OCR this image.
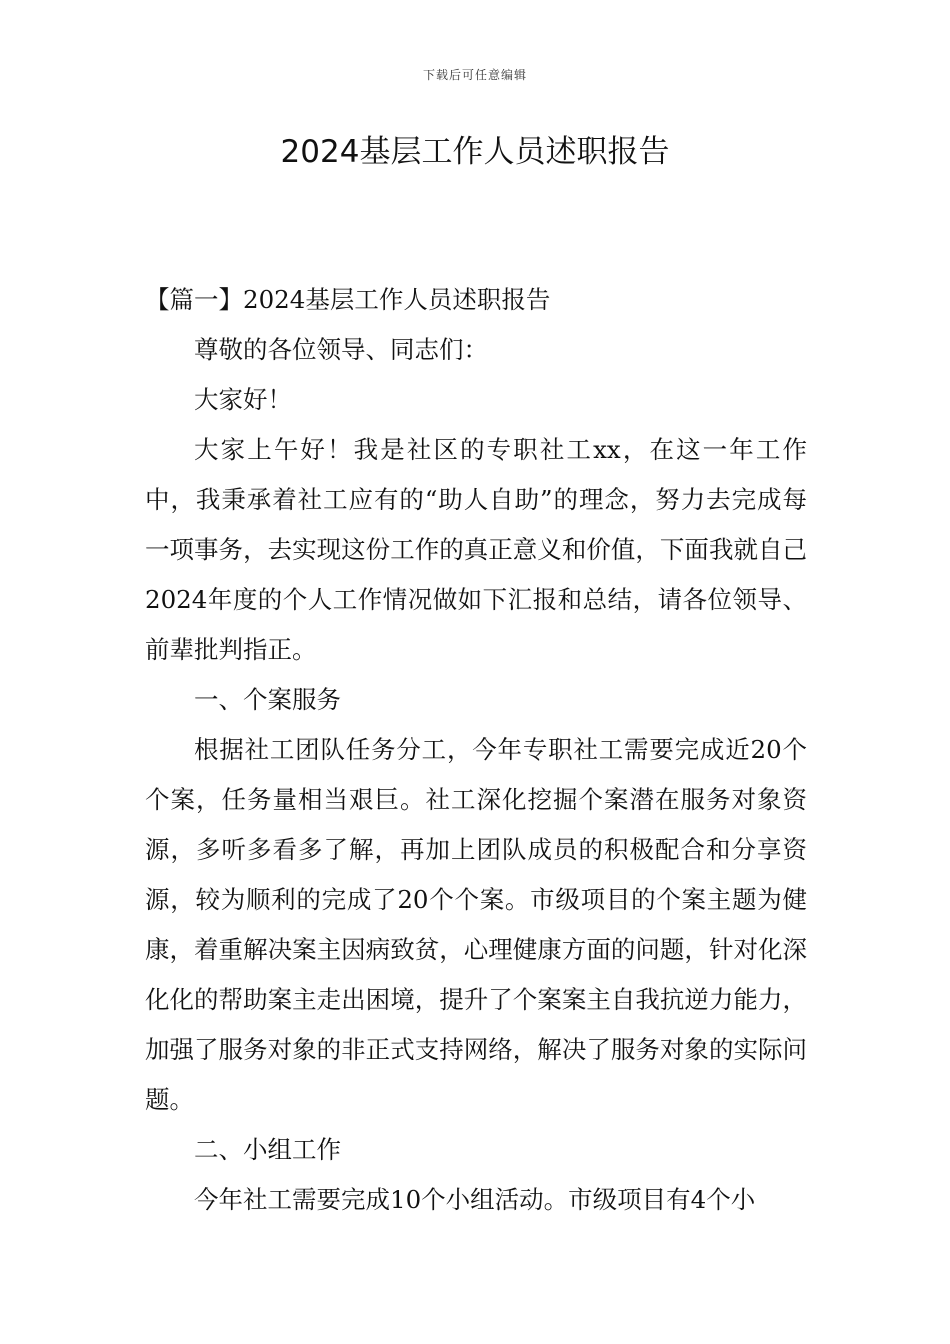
下载后可任意编辑
2024基层工作人员述职报告

【篇一】2024基层工作人员述职报告

尊敬的各位领导、同志们：

大家好！

大家上午好！我是社区的专职社工xx，在这一年工作中，我秉承着社工应有的“助人自助”的理念，努力去完成每一项事务，去实现这份工作的真正意义和价值，下面我就自己2024年度的个人工作情况做如下汇报和总结，请各位领导、前辈批判指正。

一、个案服务

根据社工团队任务分工，今年专职社工需要完成近20个个案，任务量相当艰巨。社工深化挖掘个案潜在服务对象资源，多听多看多了解，再加上团队成员的积极配合和分享资源，较为顺利的完成了20个个案。市级项目的个案主题为健康，着重解决案主因病致贫，心理健康方面的问题，针对化深化化的帮助案主走出困境，提升了个案案主自我抗逆力能力，加强了服务对象的非正式支持网络，解决了服务对象的实际问题。

二、小组工作

今年社工需要完成10个小组活动。市级项目有4个小
